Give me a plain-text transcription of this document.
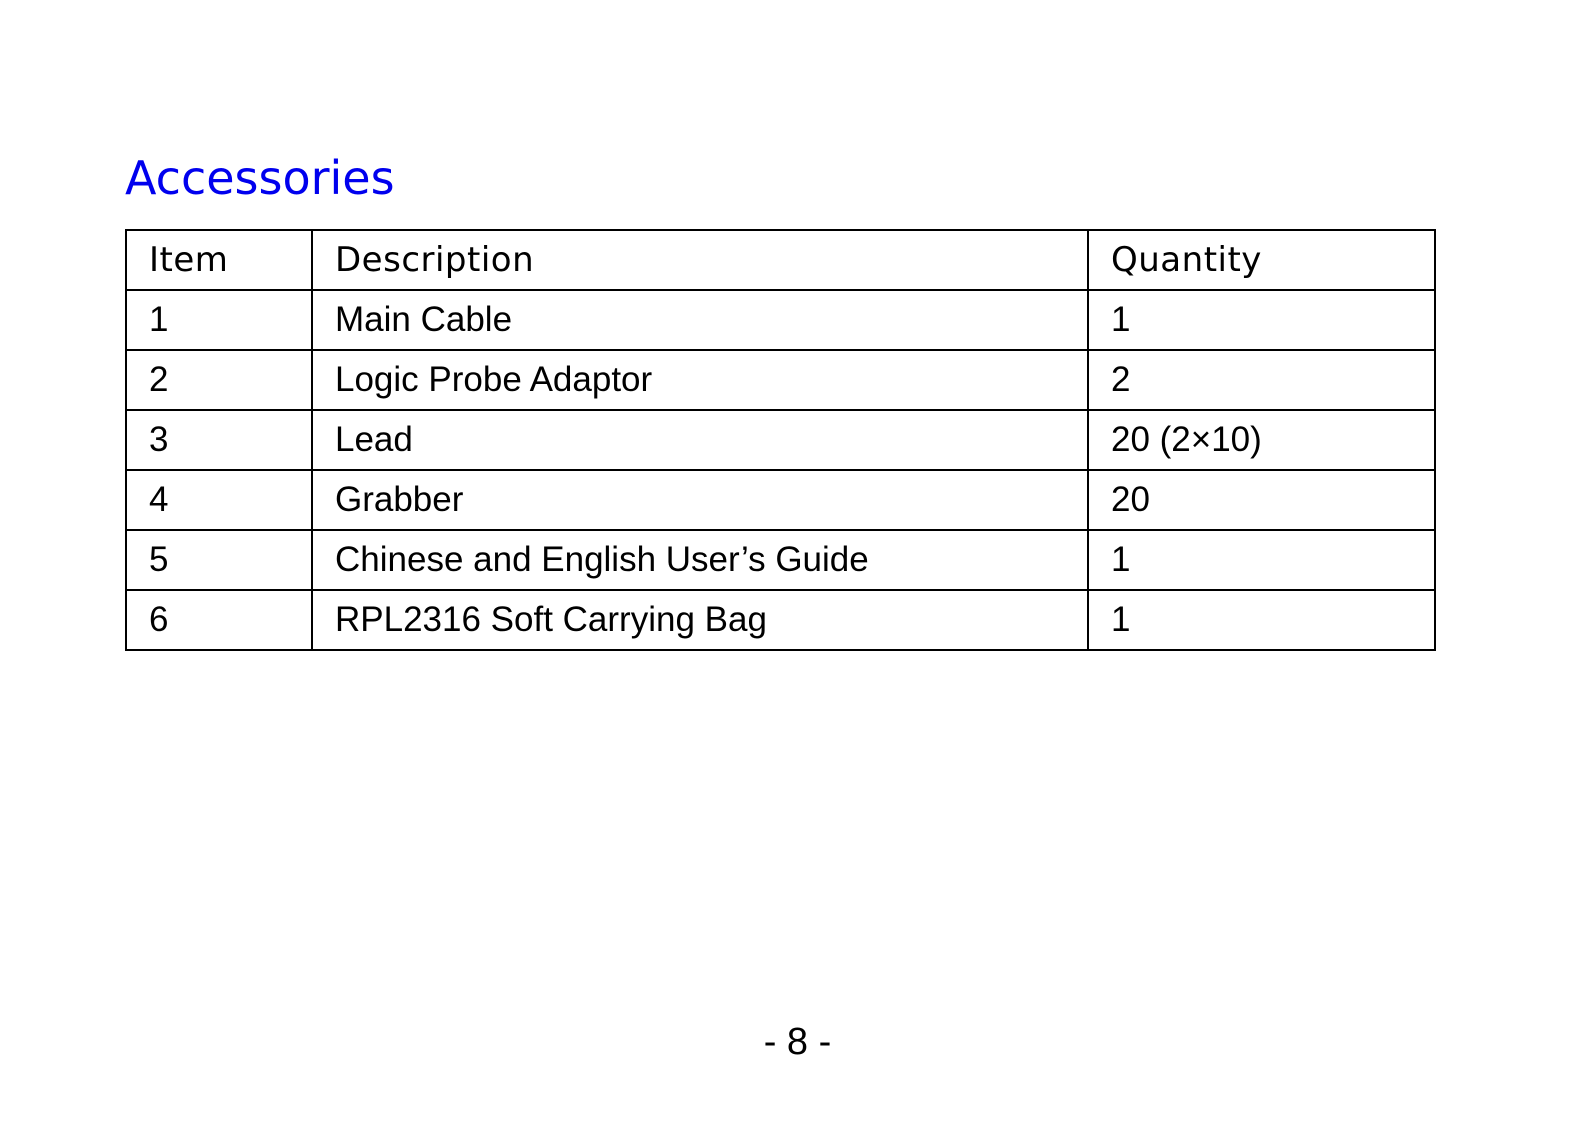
Accessories
Item	Description	Quantity
1	Main Cable	1
2	Logic Probe Adaptor	2
3	Lead	20 (2×10)
4	Grabber	20
5	Chinese and English User’s Guide	1
6	RPL2316 Soft Carrying Bag	1
- 8 -
